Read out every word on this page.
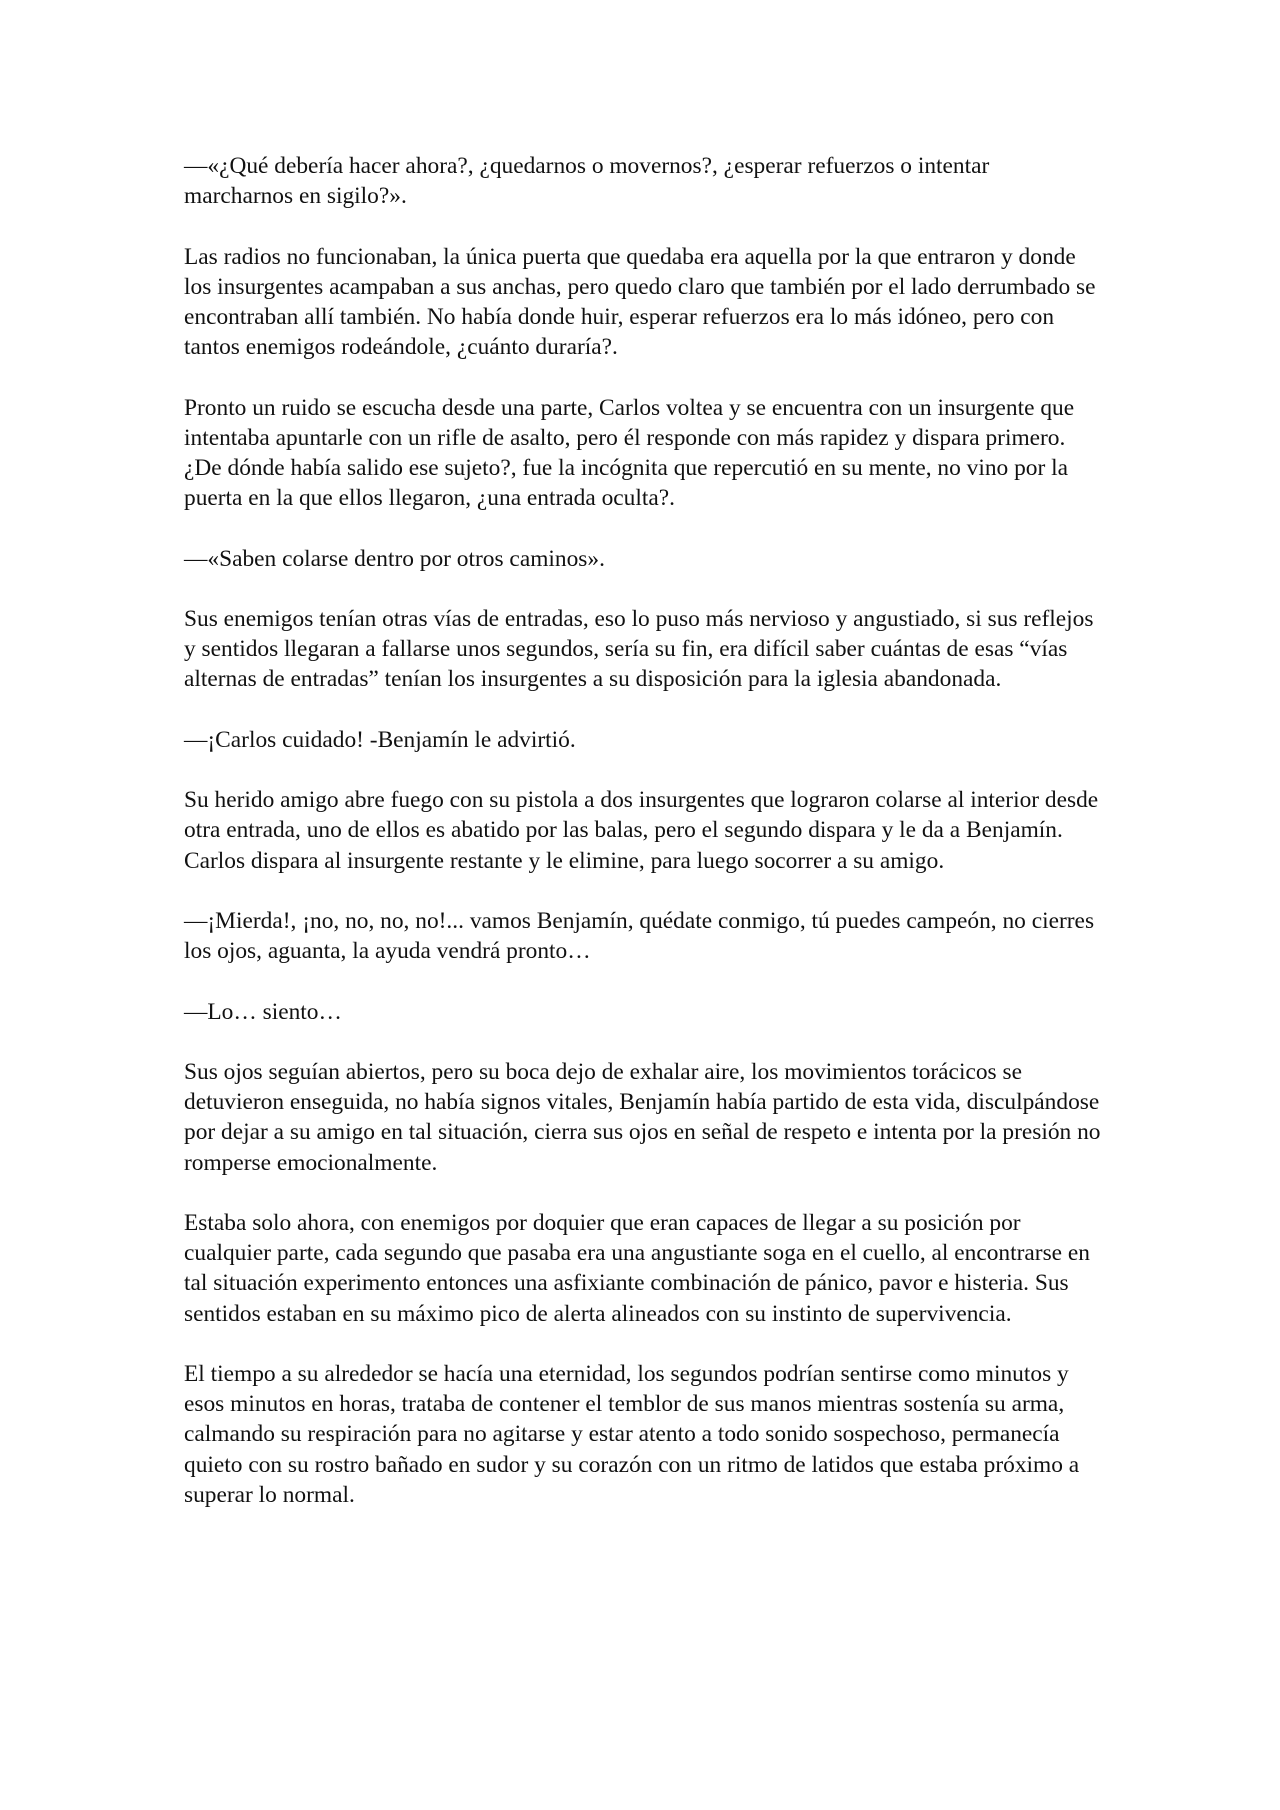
—«¿Qué debería hacer ahora?, ¿quedarnos o movernos?, ¿esperar refuerzos o intentar marcharnos en sigilo?».

Las radios no funcionaban, la única puerta que quedaba era aquella por la que entraron y donde los insurgentes acampaban a sus anchas, pero quedo claro que también por el lado derrumbado se encontraban allí también. No había donde huir, esperar refuerzos era lo más idóneo, pero con tantos enemigos rodeándole, ¿cuánto duraría?.

Pronto un ruido se escucha desde una parte, Carlos voltea y se encuentra con un insurgente que intentaba apuntarle con un rifle de asalto, pero él responde con más rapidez y dispara primero. ¿De dónde había salido ese sujeto?, fue la incógnita que repercutió en su mente, no vino por la puerta en la que ellos llegaron, ¿una entrada oculta?.

—«Saben colarse dentro por otros caminos».

Sus enemigos tenían otras vías de entradas, eso lo puso más nervioso y angustiado, si sus reflejos y sentidos llegaran a fallarse unos segundos, sería su fin, era difícil saber cuántas de esas “vías alternas de entradas” tenían los insurgentes a su disposición para la iglesia abandonada.

—¡Carlos cuidado! -Benjamín le advirtió.

Su herido amigo abre fuego con su pistola a dos insurgentes que lograron colarse al interior desde otra entrada, uno de ellos es abatido por las balas, pero el segundo dispara y le da a Benjamín. Carlos dispara al insurgente restante y le elimine, para luego socorrer a su amigo.

—¡Mierda!, ¡no, no, no, no!... vamos Benjamín, quédate conmigo, tú puedes campeón, no cierres los ojos, aguanta, la ayuda vendrá pronto…

—Lo… siento…

Sus ojos seguían abiertos, pero su boca dejo de exhalar aire, los movimientos torácicos se detuvieron enseguida, no había signos vitales, Benjamín había partido de esta vida, disculpándose por dejar a su amigo en tal situación, cierra sus ojos en señal de respeto e intenta por la presión no romperse emocionalmente.

Estaba solo ahora, con enemigos por doquier que eran capaces de llegar a su posición por cualquier parte, cada segundo que pasaba era una angustiante soga en el cuello, al encontrarse en tal situación experimento entonces una asfixiante combinación de pánico, pavor e histeria. Sus sentidos estaban en su máximo pico de alerta alineados con su instinto de supervivencia.

El tiempo a su alrededor se hacía una eternidad, los segundos podrían sentirse como minutos y esos minutos en horas, trataba de contener el temblor de sus manos mientras sostenía su arma, calmando su respiración para no agitarse y estar atento a todo sonido sospechoso, permanecía quieto con su rostro bañado en sudor y su corazón con un ritmo de latidos que estaba próximo a superar lo normal.
